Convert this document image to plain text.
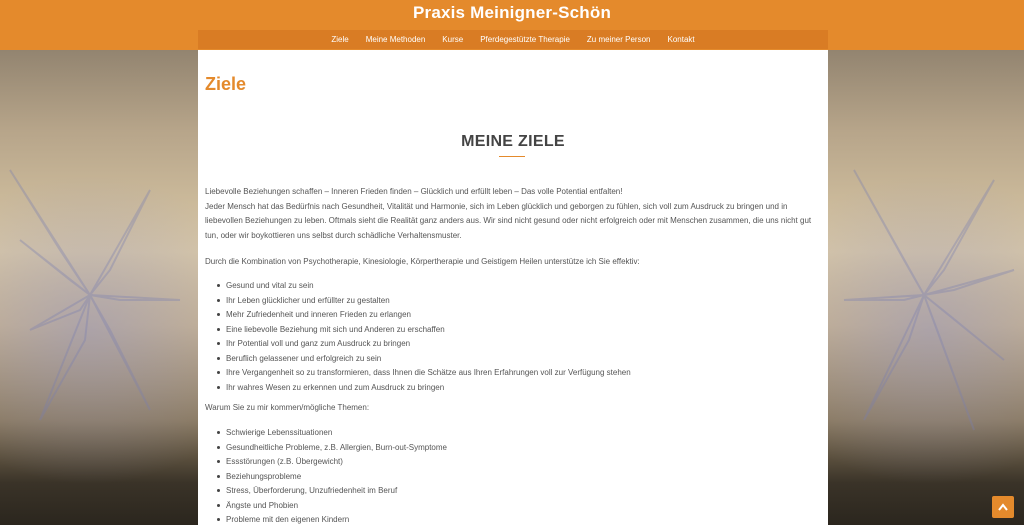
Praxis Meinigner-Schön
Ziele Meine Methoden Kurse Pferdegestützte Therapie Zu meiner Person Kontakt
Ziele
MEINE ZIELE

Liebevolle Beziehungen schaffen – Inneren Frieden finden – Glücklich und erfüllt leben – Das volle Potential entfalten!

Jeder Mensch hat das Bedürfnis nach Gesundheit, Vitalität und Harmonie, sich im Leben glücklich und geborgen zu fühlen, sich voll zum Ausdruck zu bringen und in liebevollen Beziehungen zu leben. Oftmals sieht die Realität ganz anders aus. Wir sind nicht gesund oder nicht erfolgreich oder mit Menschen zusammen, die uns nicht gut tun, oder wir boykottieren uns selbst durch schädliche Verhaltensmuster.

Durch die Kombination von Psychotherapie, Kinesiologie, Körpertherapie und Geistigem Heilen unterstütze ich Sie effektiv:

Gesund und vital zu sein
Ihr Leben glücklicher und erfüllter zu gestalten
Mehr Zufriedenheit und inneren Frieden zu erlangen
Eine liebevolle Beziehung mit sich und Anderen zu erschaffen
Ihr Potential voll und ganz zum Ausdruck zu bringen
Beruflich gelassener und erfolgreich zu sein
Ihre Vergangenheit so zu transformieren, dass Ihnen die Schätze aus Ihren Erfahrungen voll zur Verfügung stehen
Ihr wahres Wesen zu erkennen und zum Ausdruck zu bringen

Warum Sie zu mir kommen/mögliche Themen:

Schwierige Lebenssituationen
Gesundheitliche Probleme, z.B. Allergien, Burn-out-Symptome
Essstörungen (z.B. Übergewicht)
Beziehungsprobleme
Stress, Überforderung, Unzufriedenheit im Beruf
Ängste und Phobien
Probleme mit den eigenen Kindern
